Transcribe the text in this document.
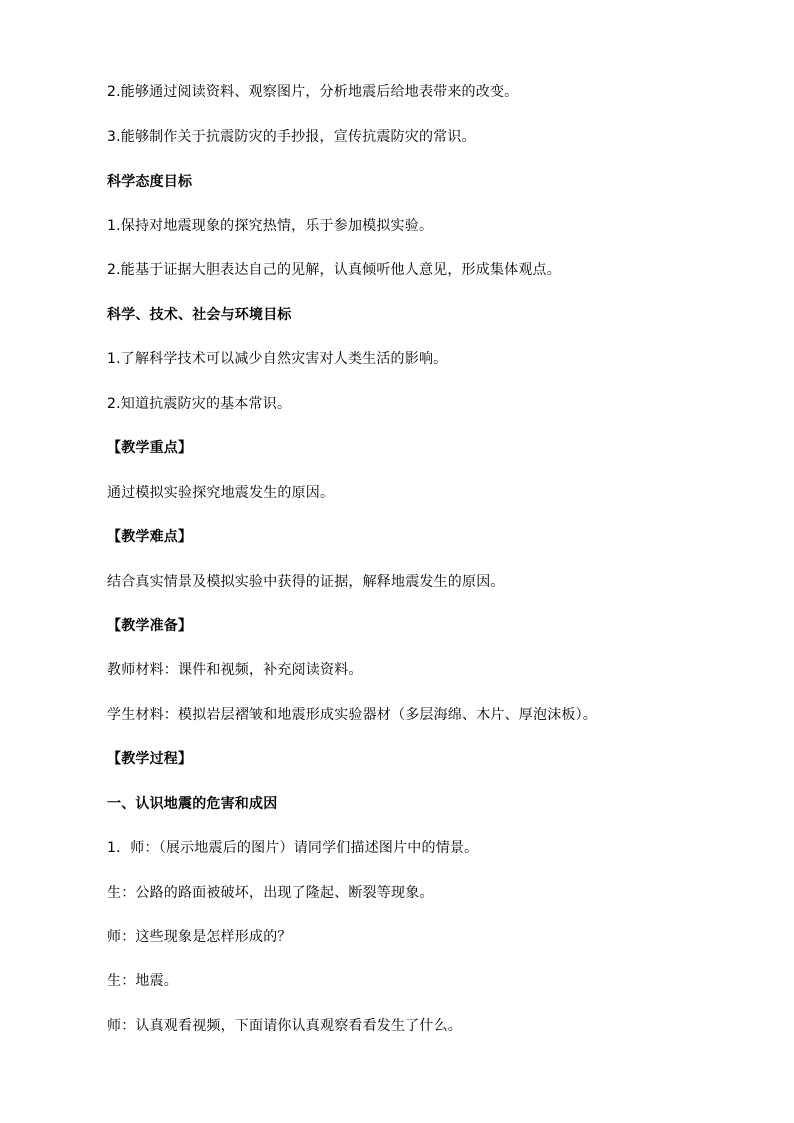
2.能够通过阅读资料、观察图片，分析地震后给地表带来的改变。
3.能够制作关于抗震防灾的手抄报，宣传抗震防灾的常识。
科学态度目标
1.保持对地震现象的探究热情，乐于参加模拟实验。
2.能基于证据大胆表达自己的见解，认真倾听他人意见，形成集体观点。
科学、技术、社会与环境目标
1.了解科学技术可以减少自然灾害对人类生活的影响。
2.知道抗震防灾的基本常识。
【教学重点】
通过模拟实验探究地震发生的原因。
【教学难点】
结合真实情景及模拟实验中获得的证据，解释地震发生的原因。
【教学准备】
教师材料：课件和视频，补充阅读资料。
学生材料：模拟岩层褶皱和地震形成实验器材（多层海绵、木片、厚泡沫板）。
【教学过程】
一、认识地震的危害和成因
1．师：（展示地震后的图片）请同学们描述图片中的情景。
生：公路的路面被破坏，出现了隆起、断裂等现象。
师：这些现象是怎样形成的？
生：地震。
师：认真观看视频，下面请你认真观察看看发生了什么。
